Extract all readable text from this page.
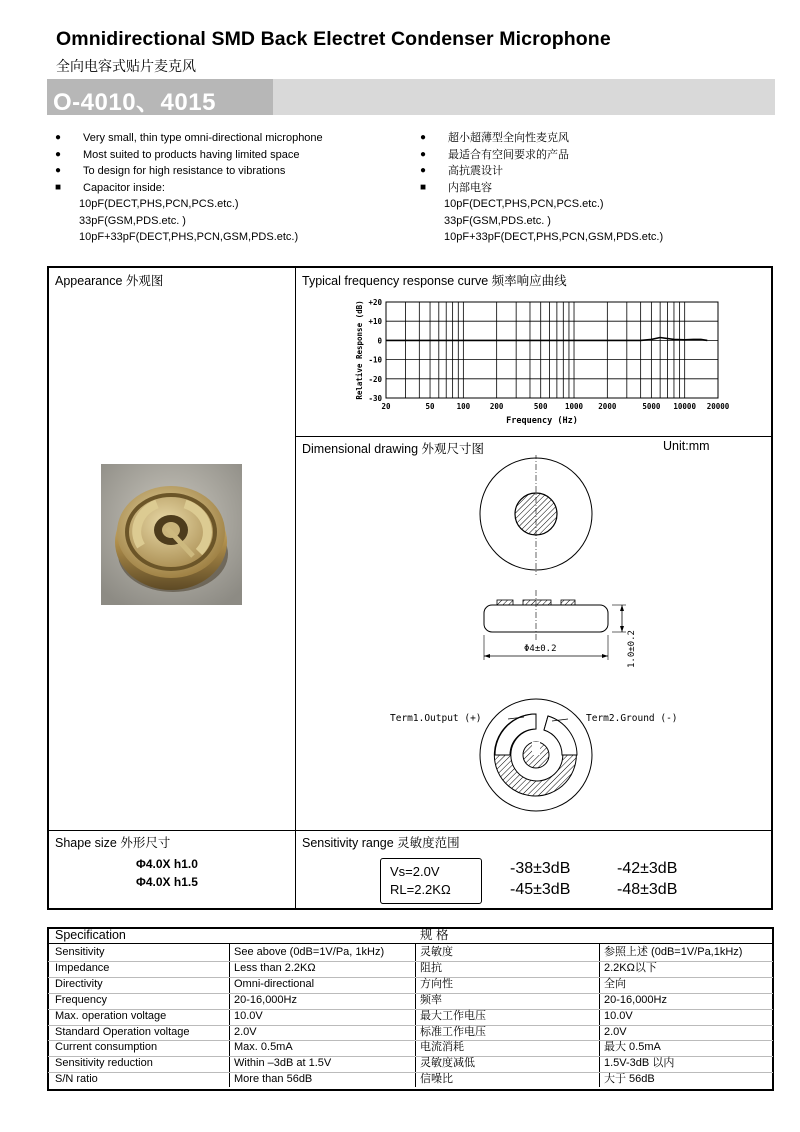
Omnidirectional SMD Back Electret Condenser Microphone
全向电容式贴片麦克风
O-4010、4015
● Very small, thin type omni-directional microphone
● Most suited to products having limited space
● To design for high resistance to vibrations
■ Capacitor inside:
10pF(DECT,PHS,PCN,PCS.etc.)
33pF(GSM,PDS.etc. )
10pF+33pF(DECT,PHS,PCN,GSM,PDS.etc.)
● 超小超薄型全向性麦克风
● 最适合有空间要求的产品
● 高抗震设计
■ 内部电容
10pF(DECT,PHS,PCN,PCS.etc.)
33pF(GSM,PDS.etc. )
10pF+33pF(DECT,PHS,PCN,GSM,PDS.etc.)
Appearance 外观图	Typical frequency response curve 频率响应曲线
Dimensional drawing 外观尺寸图	Unit:mm
Shape size 外形尺寸	Sensitivity range 灵敏度范围
+20
+10
0
-10
-20
-30
20	50	100	200	500 1000 2000	5000 10000 20000
Frequency (Hz)
Relative Response (dB)
Φ4±0.2	1.0±0.2
Term1.Output (+)	Term2.Ground (-)
Φ4.0X h1.0
Φ4.0X h1.5
Vs=2.0V
RL=2.2KΩ
-38±3dB	-42±3dB
-45±3dB	-48±3dB
Specification	规 格
Sensitivity	See above (0dB=1V/Pa, 1kHz)	灵敏度	参照上述 (0dB=1V/Pa,1kHz)
Impedance	Less than 2.2KΩ	阻抗	2.2KΩ以下
Directivity	Omni-directional	方向性	全向
Frequency	20-16,000Hz	频率	20-16,000Hz
Max. operation voltage	10.0V	最大工作电压	10.0V
Standard Operation voltage	2.0V	标准工作电压	2.0V
Current consumption	Max. 0.5mA	电流消耗	最大 0.5mA
Sensitivity reduction	Within –3dB at 1.5V	灵敏度减低	1.5V-3dB 以内
S/N ratio	More than 56dB	信噪比	大于 56dB
